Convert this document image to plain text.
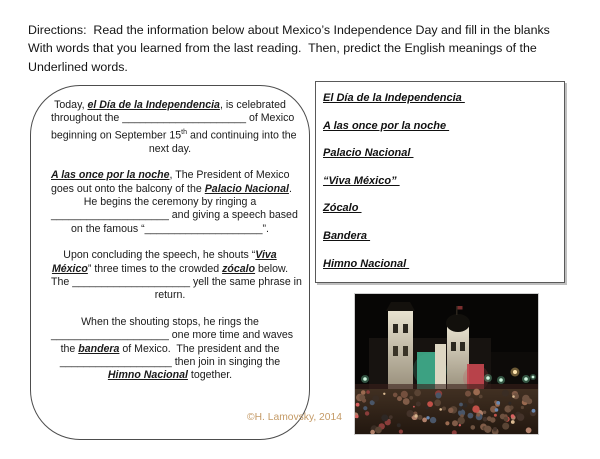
Directions:  Read the information below about Mexico’s Independence Day and fill in the blanks
With words that you learned from the last reading.  Then, predict the English meanings of the
Underlined words.
Today, el Día de la Independencia, is celebrated
throughout the _____________________ of Mexico
beginning on September 15th and continuing into the
next day.
A las once por la noche, The President of Mexico
goes out onto the balcony of the Palacio Nacional.
He begins the ceremony by ringing a
____________________ and giving a speech based
on the famous “____________________”.
Upon concluding the speech, he shouts “Viva
México” three times to the crowded zócalo below.
The ____________________ yell the same phrase in
return.
When the shouting stops, he rings the
____________________ one more time and waves
the bandera of Mexico.  The president and the
___________________ then join in singing the
Himno Nacional together.
El Día de la Independencia
A las once por la noche
Palacio Nacional
“Viva México”
Zócalo
Bandera
Himno Nacional
©H. Lamovsky, 2014
